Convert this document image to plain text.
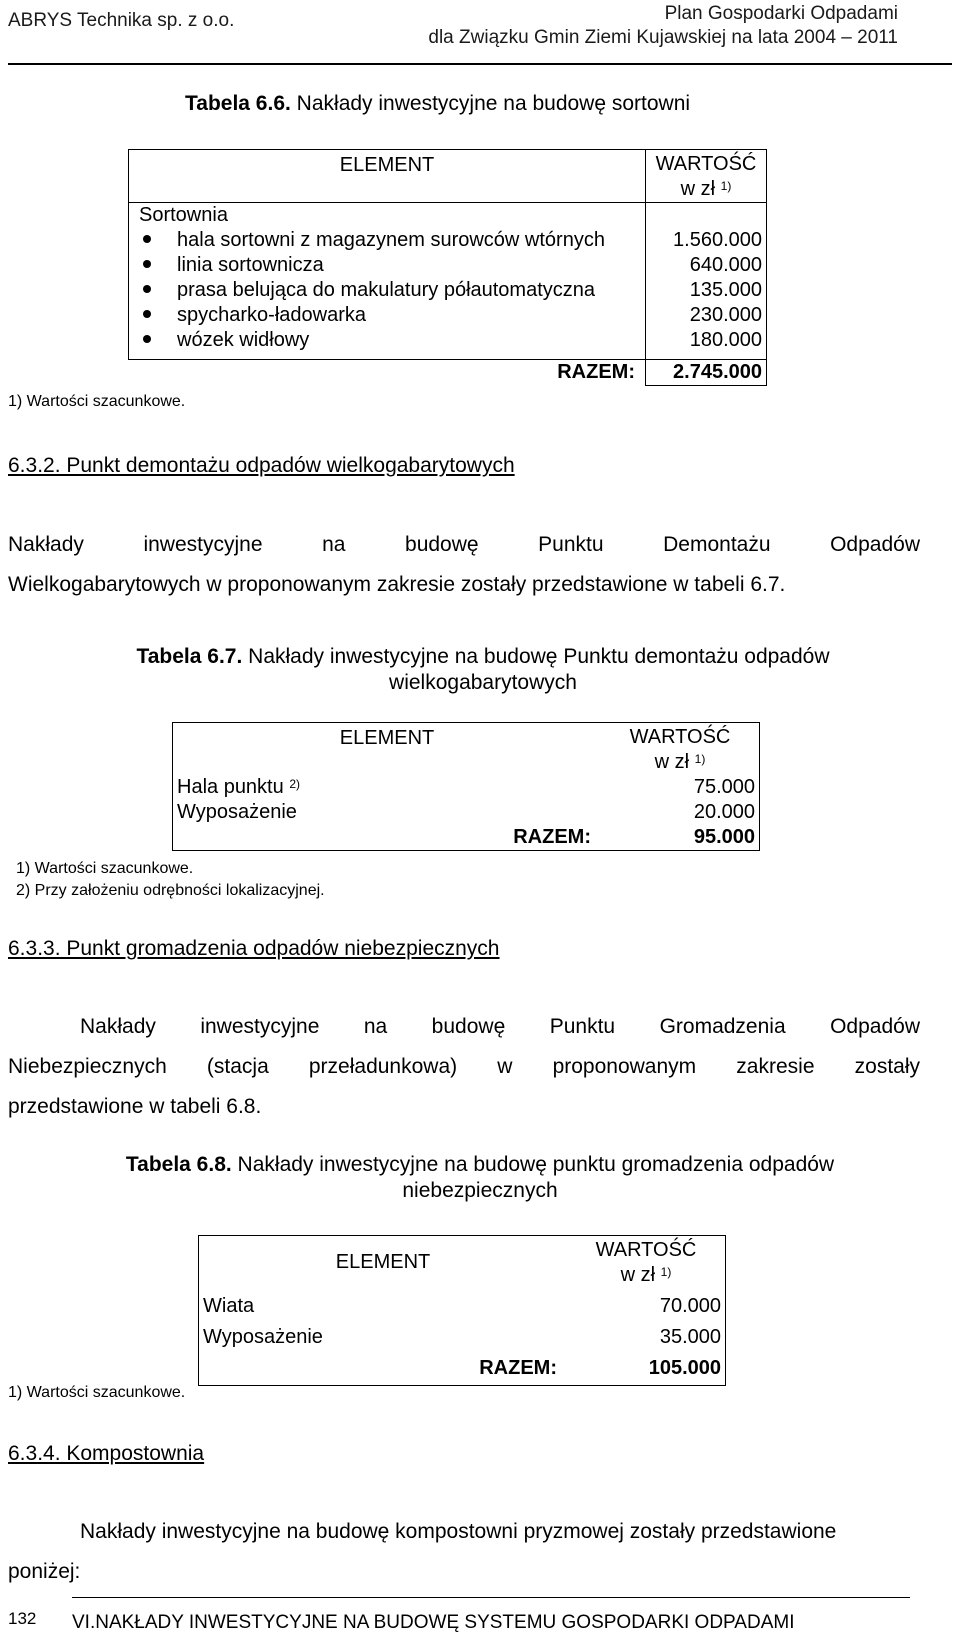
ABRYS Technika sp. z o.o.	Plan Gospodarki Odpadami
dla Związku Gmin Ziemi Kujawskiej na lata 2004 – 2011
Tabela 6.6. Nakłady inwestycyjne na budowę sortowni
ELEMENT	WARTOŚĆ
w zł $^{1)}$

Sortownia	
hala sortowni z magazynem surowców wtórnych	1.560.000
linia sortownicza	640.000
prasa belująca do makulatury półautomatyczna	135.000
spycharko-ładowarka	230.000
wózek widłowy	180.000
RAZEM:	2.745.000
1) Wartości szacunkowe.
6.3.2. Punkt demontażu odpadów wielkogabarytowych
Nakłady inwestycyjne na budowę Punktu Demontażu Odpadów
Wielkogabarytowych w proponowanym zakresie zostały przedstawione w tabeli 6.7.
Tabela 6.7. Nakłady inwestycyjne na budowę Punktu demontażu odpadów
wielkogabarytowych
ELEMENT	WARTOŚĆ
w zł $^{1)}$

Hala punktu $^{2)}$	75.000
Wyposażenie	20.000
RAZEM:	95.000
1) Wartości szacunkowe.
2) Przy założeniu odrębności lokalizacyjnej.
6.3.3. Punkt gromadzenia odpadów niebezpiecznych
Nakłady inwestycyjne na budowę Punktu Gromadzenia Odpadów
Niebezpiecznych (stacja przeładunkowa) w proponowanym zakresie zostały
przedstawione w tabeli 6.8.
Tabela 6.8. Nakłady inwestycyjne na budowę punktu gromadzenia odpadów
niebezpiecznych
ELEMENT	WARTOŚĆ
w zł $^{1)}$

Wiata	70.000
Wyposażenie	35.000
RAZEM:	105.000
1) Wartości szacunkowe.
6.3.4. Kompostownia
Nakłady inwestycyjne na budowę kompostowni pryzmowej zostały przedstawione
poniżej:
132 VI.NAKŁADY INWESTYCYJNE NA BUDOWĘ SYSTEMU GOSPODARKI ODPADAMI
